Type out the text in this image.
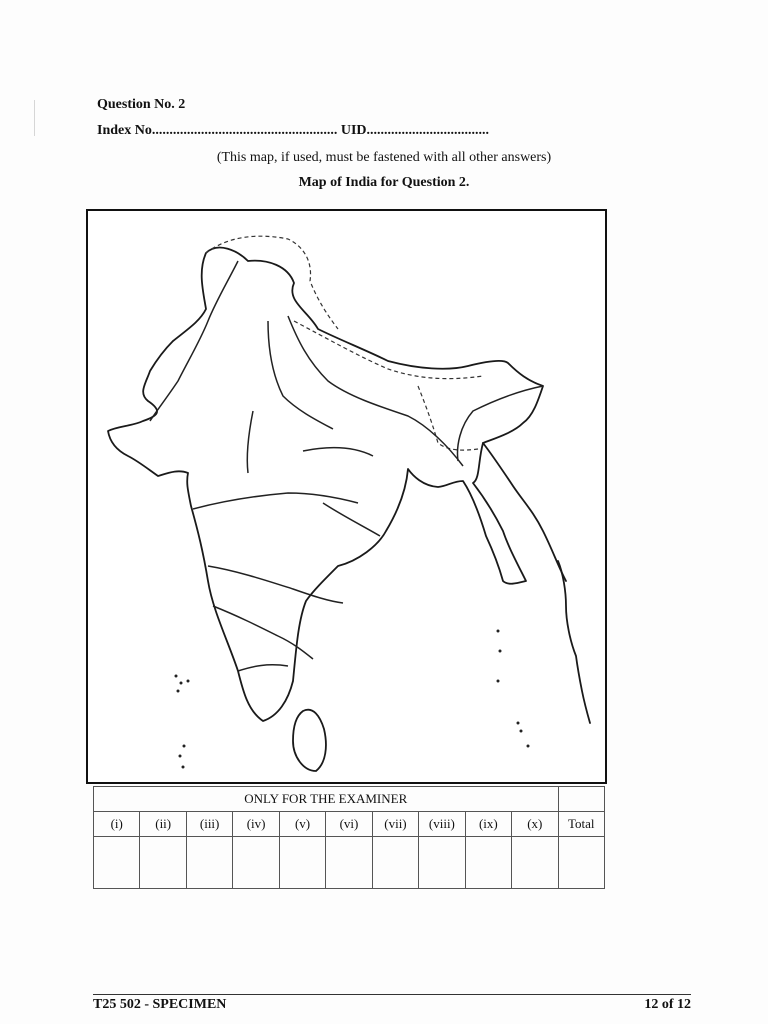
Question No. 2
Index No..................................................... UID...................................
(This map, if used, must be fastened with all other answers)
Map of India for Question 2.
ONLY FOR THE EXAMINER										
(i)	(ii)	(iii)	(iv)	(v)	(vi)	(vii)	(viii)	(ix)	(x)	Total

T25 502 - SPECIMEN	12 of 12
